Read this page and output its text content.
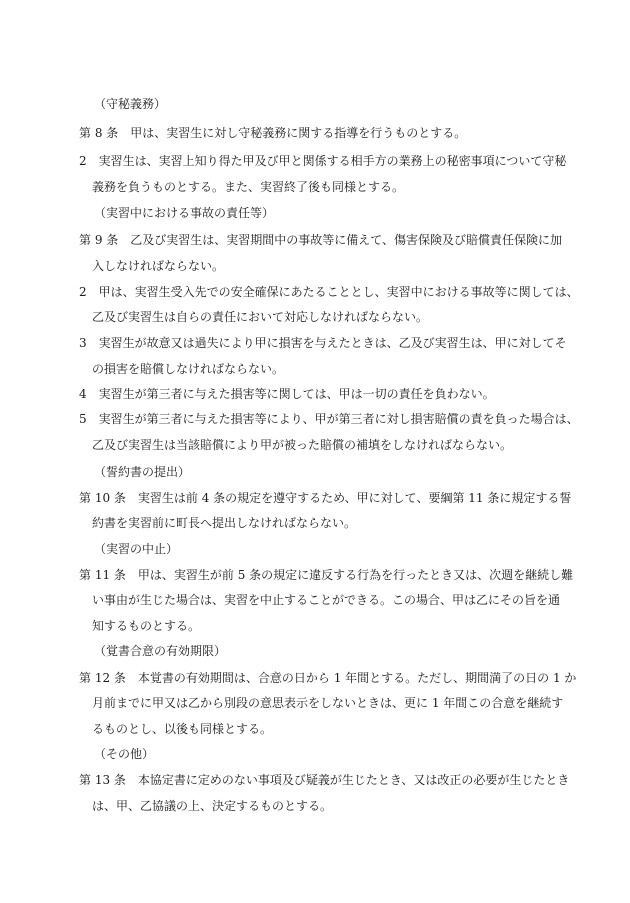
（守秘義務）
第 8 条　甲は、実習生に対し守秘義務に関する指導を行うものとする。
2　実習生は、実習上知り得た甲及び甲と関係する相手方の業務上の秘密事項について守秘
義務を負うものとする。また、実習終了後も同様とする。
（実習中における事故の責任等）
第 9 条　乙及び実習生は、実習期間中の事故等に備えて、傷害保険及び賠償責任保険に加
入しなければならない。
2　甲は、実習生受入先での安全確保にあたることとし、実習中における事故等に関しては、
乙及び実習生は自らの責任において対応しなければならない。
3　実習生が故意又は過失により甲に損害を与えたときは、乙及び実習生は、甲に対してそ
の損害を賠償しなければならない。
4　実習生が第三者に与えた損害等に関しては、甲は一切の責任を負わない。
5　実習生が第三者に与えた損害等により、甲が第三者に対し損害賠償の責を負った場合は、
乙及び実習生は当該賠償により甲が被った賠償の補填をしなければならない。
（誓約書の提出）
第 10 条　実習生は前 4 条の規定を遵守するため、甲に対して、要綱第 11 条に規定する誓
約書を実習前に町長へ提出しなければならない。
（実習の中止）
第 11 条　甲は、実習生が前 5 条の規定に違反する行為を行ったとき又は、次週を継続し難
い事由が生じた場合は、実習を中止することができる。この場合、甲は乙にその旨を通
知するものとする。
（覚書合意の有効期限）
第 12 条　本覚書の有効期間は、合意の日から 1 年間とする。ただし、期間満了の日の 1 か
月前までに甲又は乙から別段の意思表示をしないときは、更に 1 年間この合意を継続す
るものとし、以後も同様とする。
（その他）
第 13 条　本協定書に定めのない事項及び疑義が生じたとき、又は改正の必要が生じたとき
は、甲、乙協議の上、決定するものとする。
